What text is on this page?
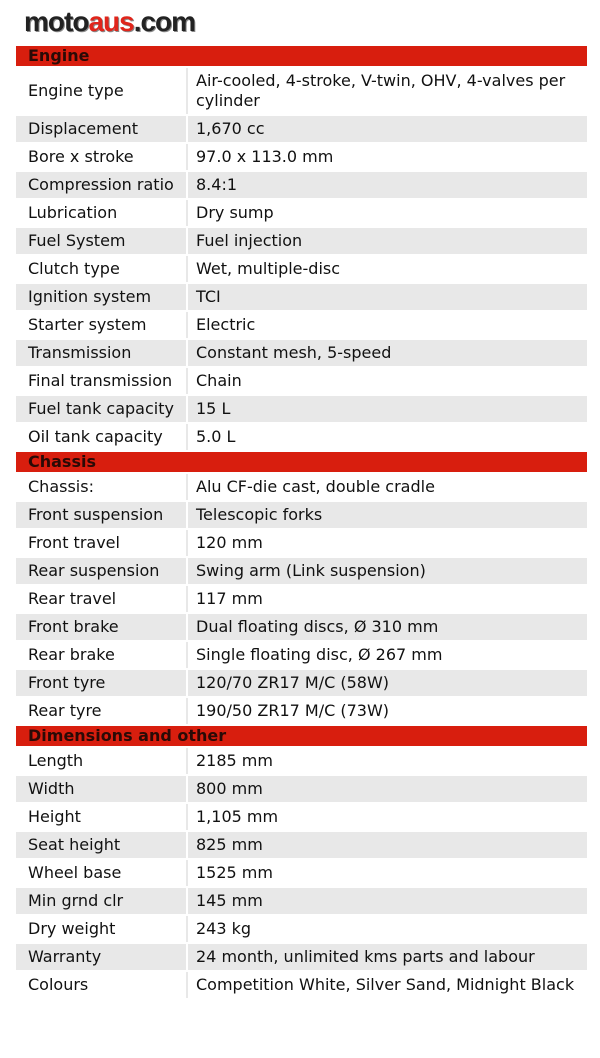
motoaus.com
Engine	
Engine type	Air-cooled, 4-stroke, V-twin, OHV, 4-valves per cylinder
Displacement	1,670 cc
Bore x stroke	97.0 x 113.0 mm
Compression ratio	8.4:1
Lubrication	Dry sump
Fuel System	Fuel injection
Clutch type	Wet, multiple-disc
Ignition system	TCI
Starter system	Electric
Transmission	Constant mesh, 5-speed
Final transmission	Chain
Fuel tank capacity	15 L
Oil tank capacity	5.0 L
Chassis	
Chassis:	Alu CF-die cast, double cradle
Front suspension	Telescopic forks
Front travel	120 mm
Rear suspension	Swing arm (Link suspension)
Rear travel	117 mm
Front brake	Dual floating discs, Ø 310 mm
Rear brake	Single floating disc, Ø 267 mm
Front tyre	120/70 ZR17 M/C (58W)
Rear tyre	190/50 ZR17 M/C (73W)
Dimensions and other	
Length	2185 mm
Width	800 mm
Height	1,105 mm
Seat height	825 mm
Wheel base	1525 mm
Min grnd clr	145 mm
Dry weight	243 kg
Warranty	24 month, unlimited kms parts and labour
Colours	Competition White, Silver Sand, Midnight Black
